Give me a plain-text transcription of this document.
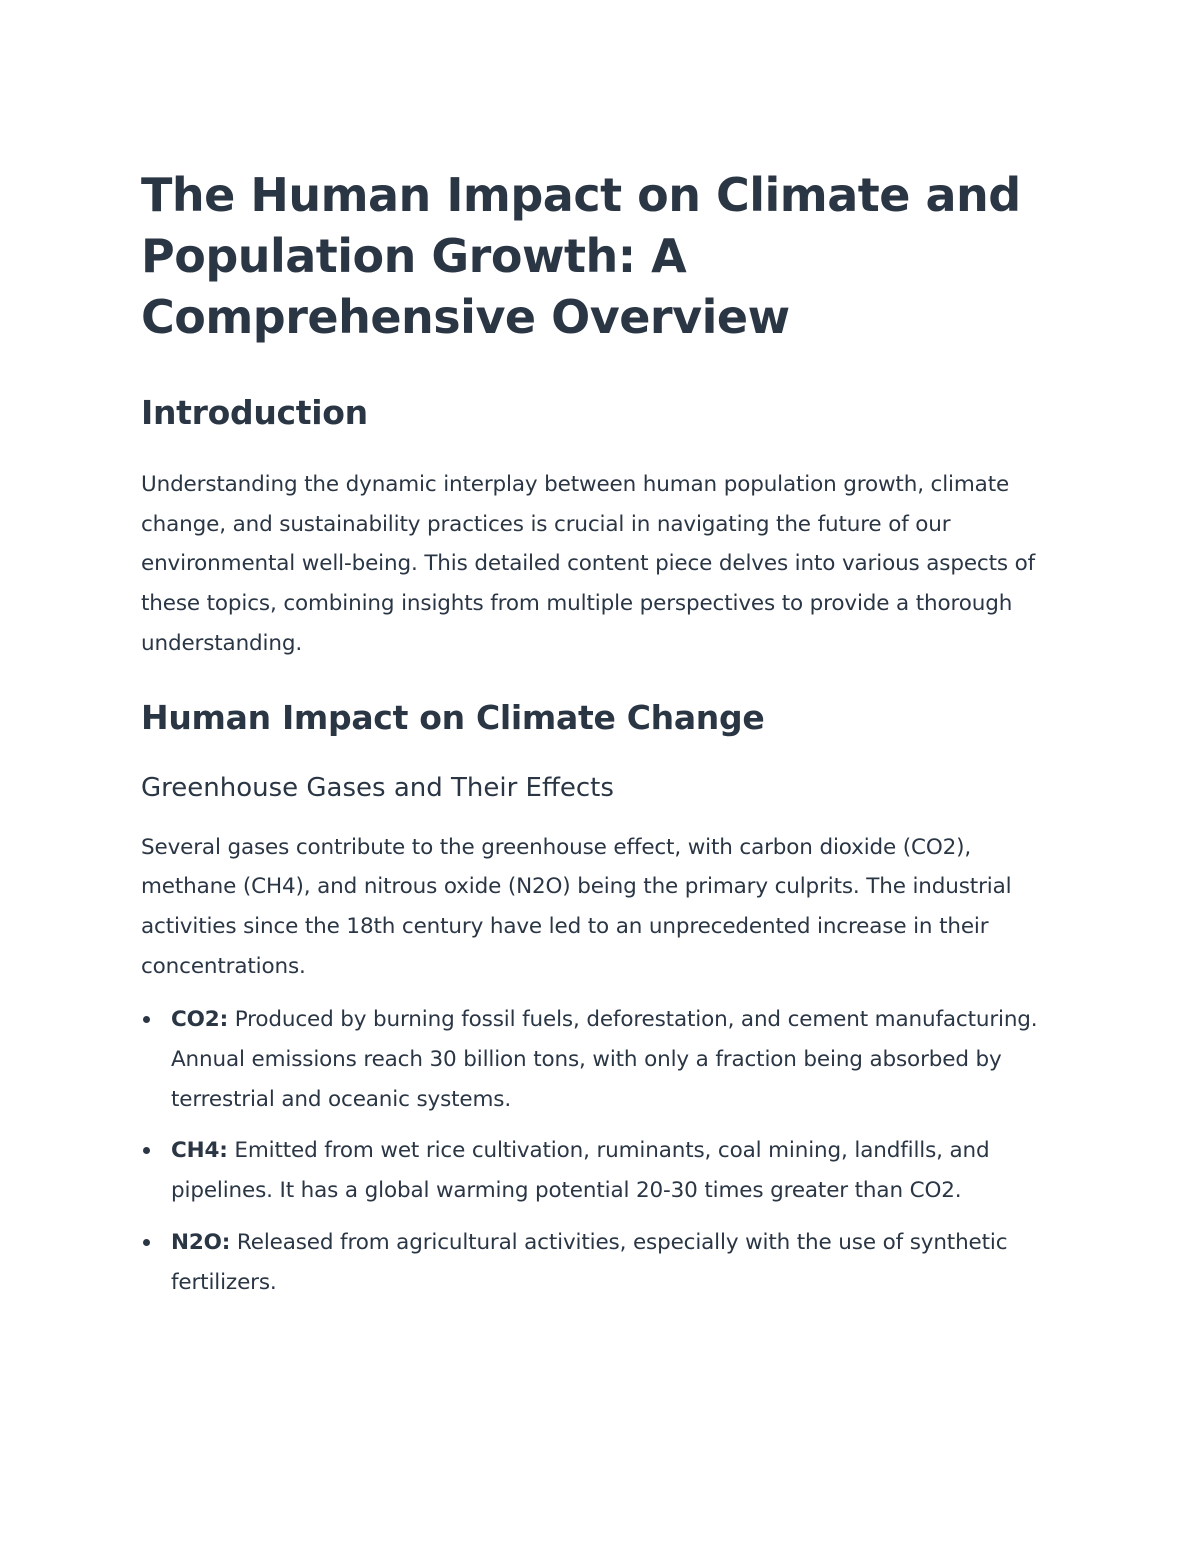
The Human Impact on Climate and Population Growth: A Comprehensive Overview
Introduction

Understanding the dynamic interplay between human population growth, climate change, and sustainability practices is crucial in navigating the future of our environmental well-being. This detailed content piece delves into various aspects of these topics, combining insights from multiple perspectives to provide a thorough understanding.

Human Impact on Climate Change
Greenhouse Gases and Their Effects

Several gases contribute to the greenhouse effect, with carbon dioxide (CO2), methane (CH4), and nitrous oxide (N2O) being the primary culprits. The industrial activities since the 18th century have led to an unprecedented increase in their concentrations.

CO2: Produced by burning fossil fuels, deforestation, and cement manufacturing. Annual emissions reach 30 billion tons, with only a fraction being absorbed by terrestrial and oceanic systems.
CH4: Emitted from wet rice cultivation, ruminants, coal mining, landfills, and pipelines. It has a global warming potential 20-30 times greater than CO2.
N2O: Released from agricultural activities, especially with the use of synthetic fertilizers.
